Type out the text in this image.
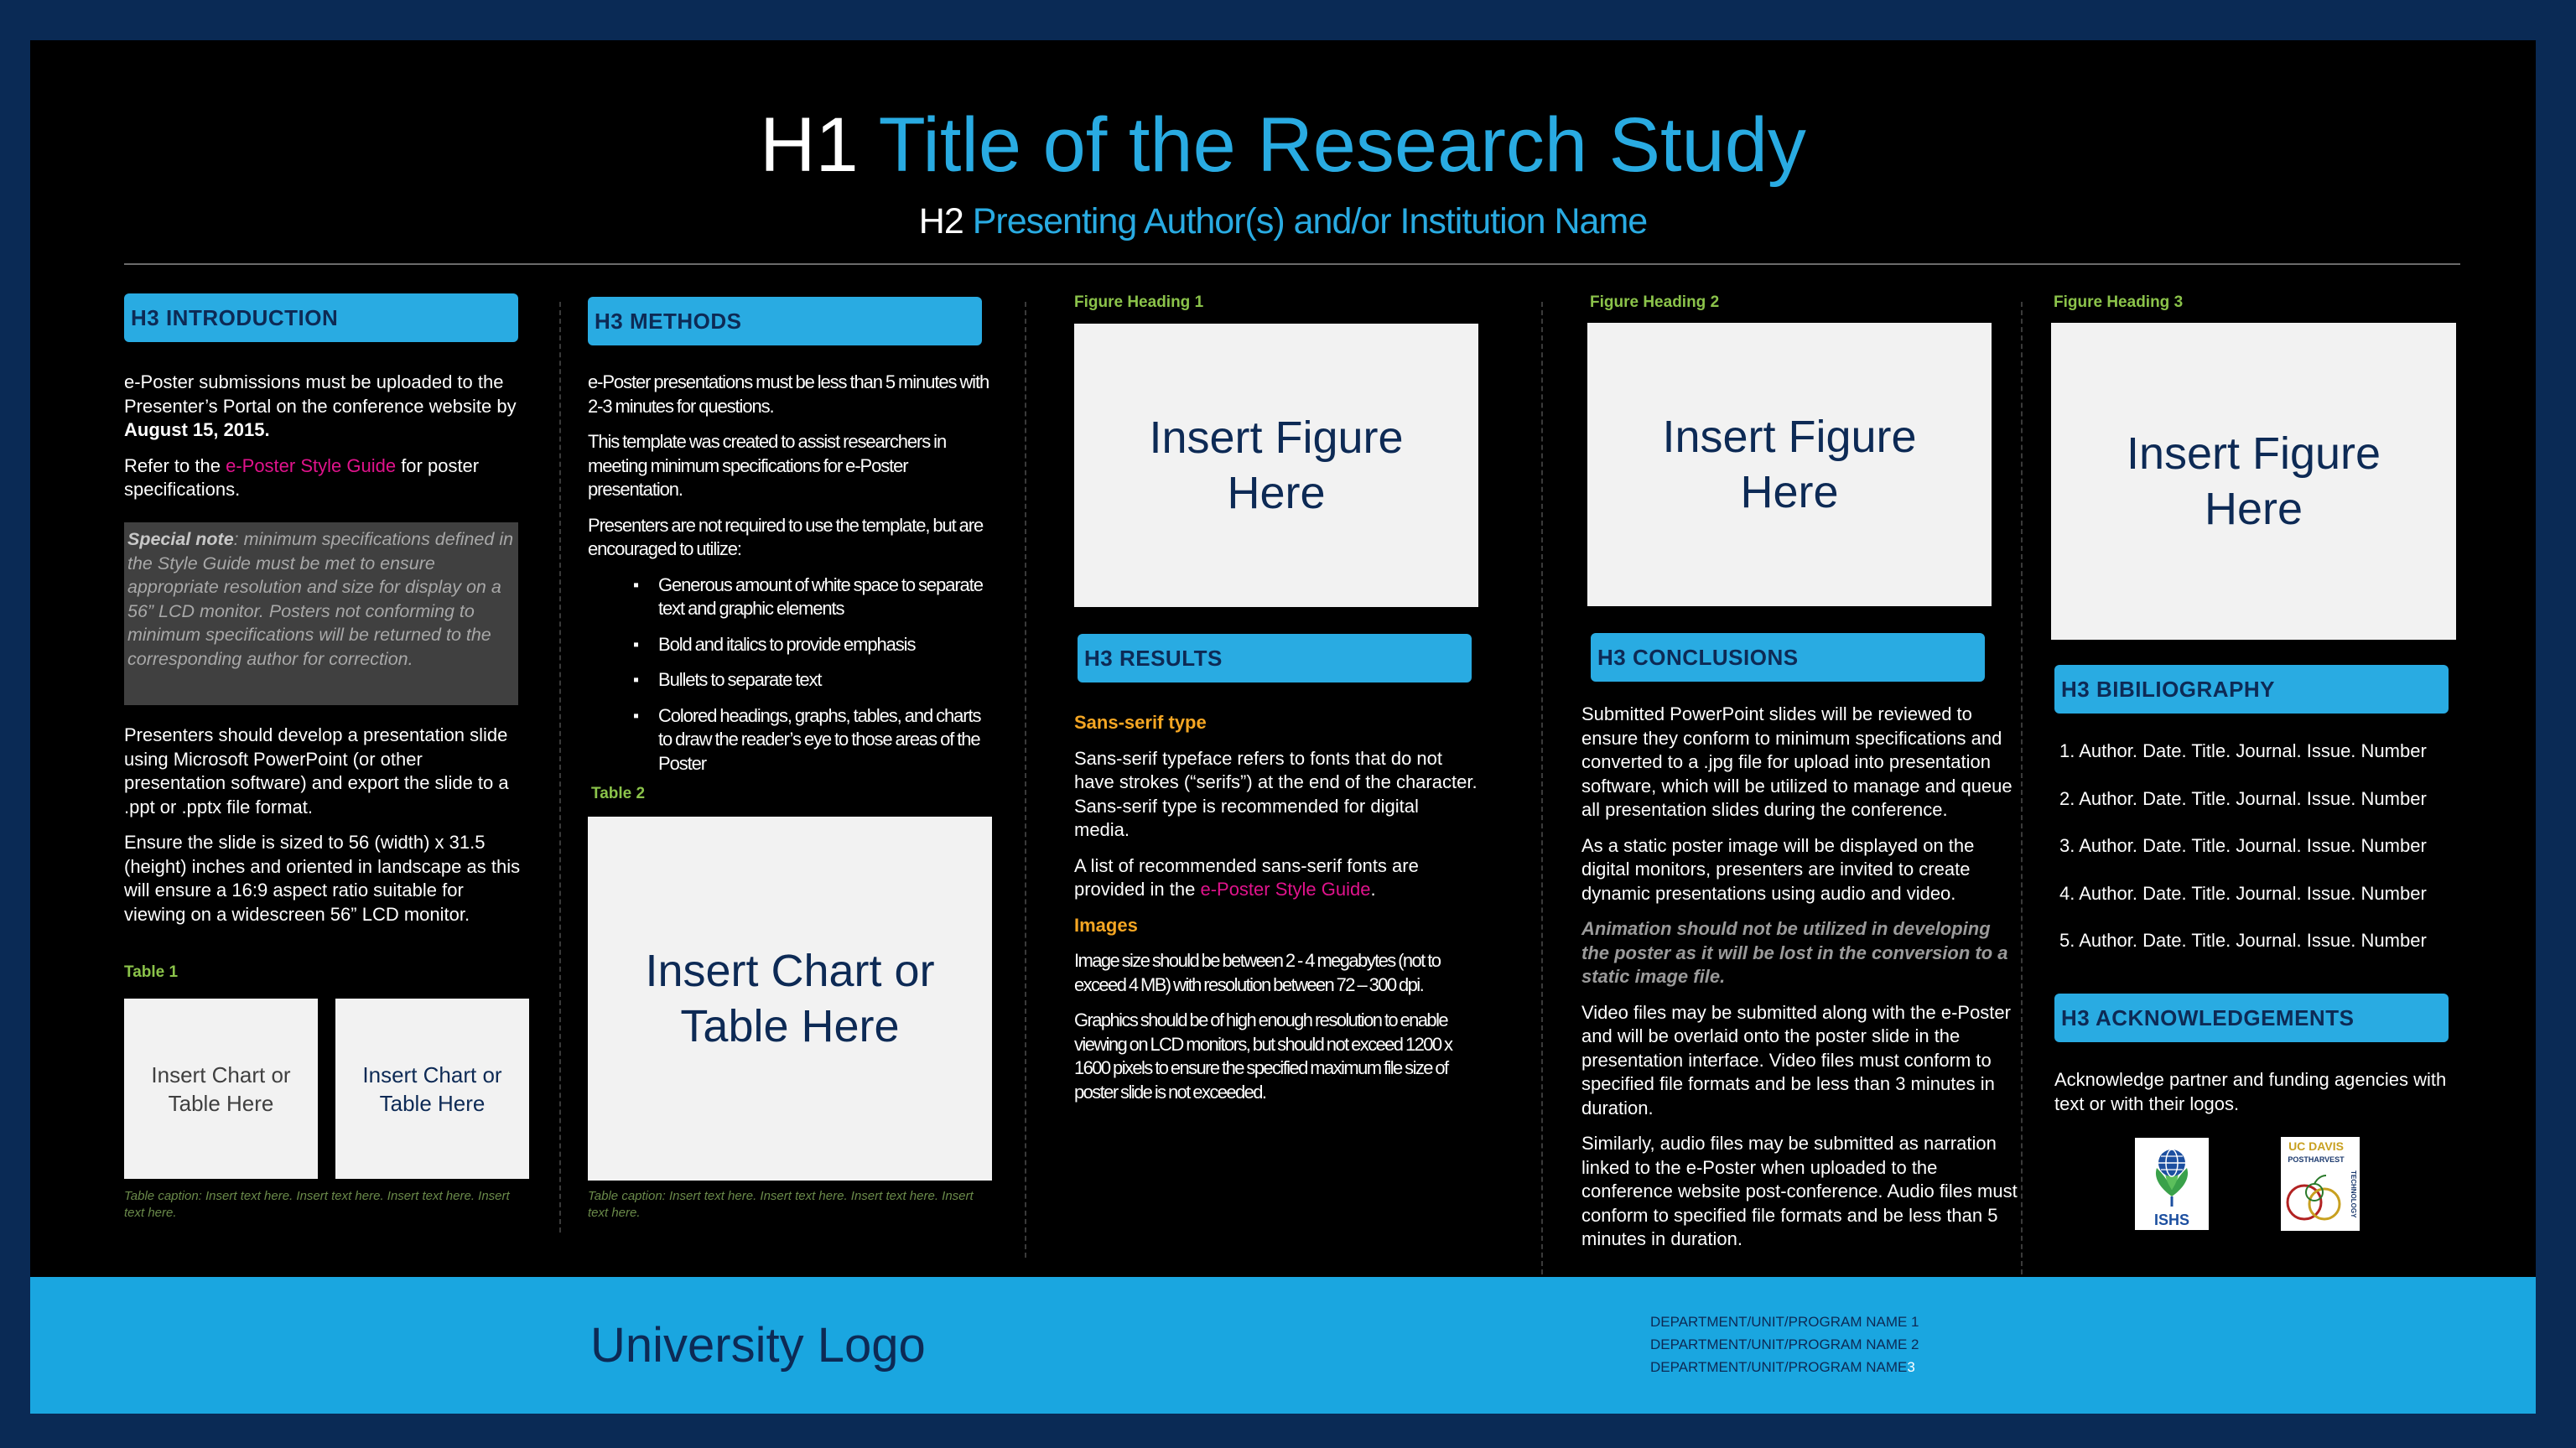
H1 Title of the Research Study
H2 Presenting Author(s) and/or Institution Name
H3 INTRODUCTION

e-Poster submissions must be uploaded to the Presenter’s Portal on the conference website by August 15, 2015.

Refer to the e-Poster Style Guide for poster specifications.

Special note: minimum specifications defined in the Style Guide must be met to ensure appropriate resolution and size for display on a 56” LCD monitor. Posters not conforming to minimum specifications will be returned to the corresponding author for correction.

Presenters should develop a presentation slide using Microsoft PowerPoint (or other presentation software) and export the slide to a .ppt or .pptx file format.

Ensure the slide is sized to 56 (width) x 31.5 (height) inches and oriented in landscape as this will ensure a 16:9 aspect ratio suitable for viewing on a widescreen 56” LCD monitor.

Table 1
Insert Chart or Table Here
Insert Chart or Table Here
Table caption: Insert text here. Insert text here. Insert text here. Insert text here.
H3 METHODS

e-Poster presentations must be less than 5 minutes with 2-3 minutes for questions.

This template was created to assist researchers in meeting minimum specifications for e-Poster presentation.

Presenters are not required to use the template, but are encouraged to utilize:

▪ Generous amount of white space to separate text and graphic elements
▪ Bold and italics to provide emphasis
▪ Bullets to separate text
▪ Colored headings, graphs, tables, and charts to draw the reader’s eye to those areas of the Poster
Table 2
Insert Chart or Table Here
Table caption: Insert text here. Insert text here. Insert text here. Insert text here.
Figure Heading 1
Insert Figure Here
H3 RESULTS

Sans-serif type

Sans-serif typeface refers to fonts that do not have strokes (“serifs”) at the end of the character. Sans-serif type is recommended for digital media.

A list of recommended sans-serif fonts are provided in the e-Poster Style Guide.

Images

Image size should be between 2 - 4 megabytes (not to exceed 4 MB) with resolution between 72 – 300 dpi.

Graphics should be of high enough resolution to enable viewing on LCD monitors, but should not exceed 1200 x 1600 pixels to ensure the specified maximum file size of poster slide is not exceeded.

Figure Heading 2
Insert Figure Here
H3 CONCLUSIONS

Submitted PowerPoint slides will be reviewed to ensure they conform to minimum specifications and converted to a .jpg file for upload into presentation software, which will be utilized to manage and queue all presentation slides during the conference.

As a static poster image will be displayed on the digital monitors, presenters are invited to create dynamic presentations using audio and video.

Animation should not be utilized in developing the poster as it will be lost in the conversion to a static image file.

Video files may be submitted along with the e-Poster and will be overlaid onto the poster slide in the presentation interface. Video files must conform to specified file formats and be less than 3 minutes in duration.

Similarly, audio files may be submitted as narration linked to the e-Poster when uploaded to the conference website post-conference. Audio files must conform to specified file formats and be less than 5 minutes in duration.

Figure Heading 3
Insert Figure Here
H3 BIBILIOGRAPHY
1. Author. Date. Title. Journal. Issue. Number
2. Author. Date. Title. Journal. Issue. Number
3. Author. Date. Title. Journal. Issue. Number
4. Author. Date. Title. Journal. Issue. Number
5. Author. Date. Title. Journal. Issue. Number
H3 ACKNOWLEDGEMENTS
Acknowledge partner and funding agencies with text or with their logos.
ISHS
UC DAVIS
POSTHARVEST
TECHNOLOGY
University Logo	DEPARTMENT/UNIT/PROGRAM NAME 1
DEPARTMENT/UNIT/PROGRAM NAME 2
DEPARTMENT/UNIT/PROGRAM NAME3
